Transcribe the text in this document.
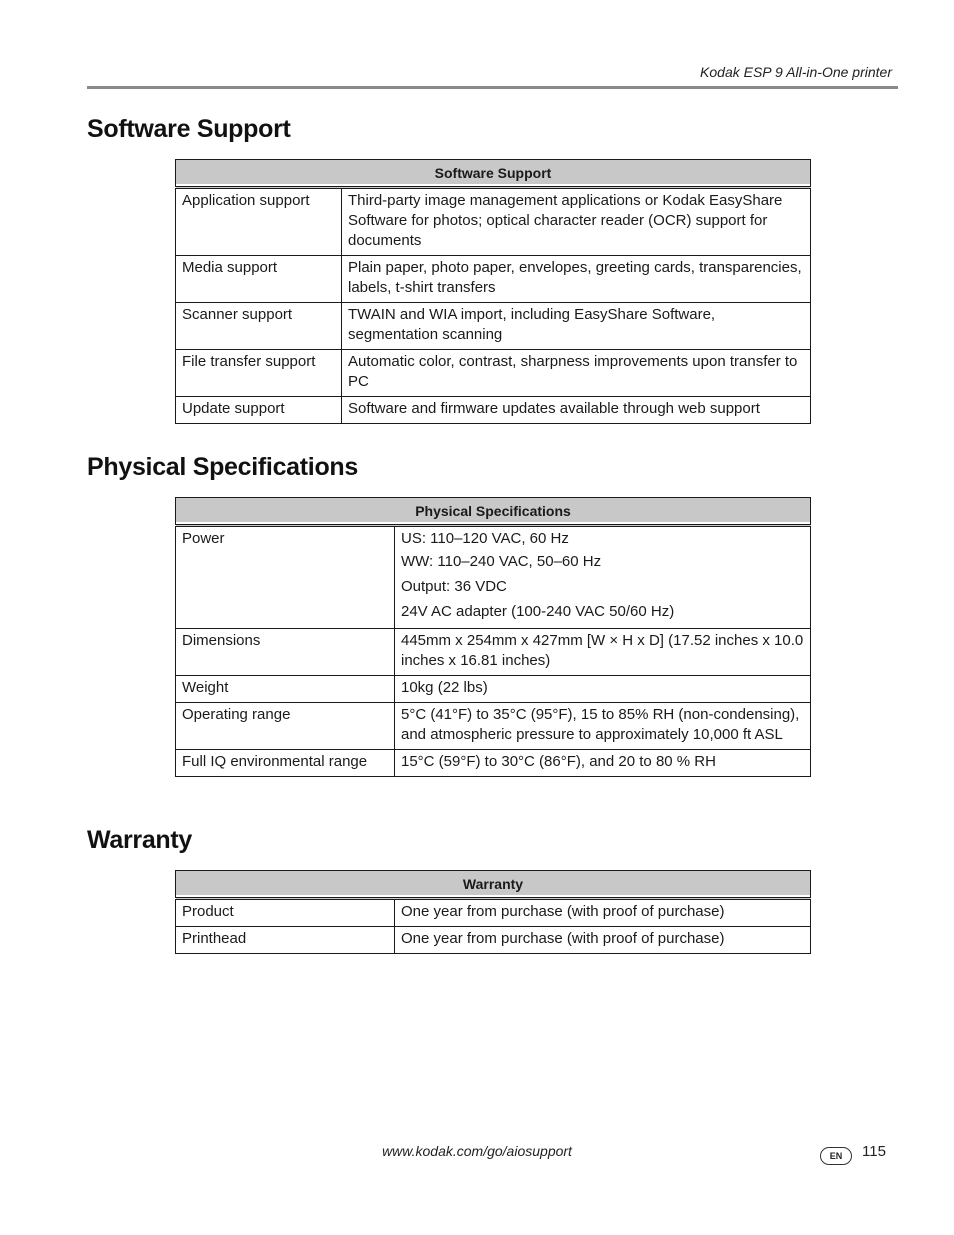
Kodak ESP 9 All-in-One printer
Software Support
Software Support	
Application support	Third-party image management applications or Kodak EasyShare Software for photos; optical character reader (OCR) support for documents
Media support	Plain paper, photo paper, envelopes, greeting cards, transparencies, labels, t-shirt transfers
Scanner support	TWAIN and WIA import, including EasyShare Software, segmentation scanning
File transfer support	Automatic color, contrast, sharpness improvements upon transfer to PC
Update support	Software and firmware updates available through web support
Physical Specifications
Physical Specifications	
Power	US: 110–120 VAC, 60 Hz
WW: 110–240 VAC, 50–60 Hz
Output: 36 VDC
24V AC adapter (100-240 VAC 50/60 Hz)

Dimensions	445mm x 254mm x 427mm [W × H x D] (17.52 inches x 10.0 inches x 16.81 inches)
Weight	10kg (22 lbs)
Operating range	5°C (41°F) to 35°C (95°F), 15 to 85% RH (non-condensing), and atmospheric pressure to approximately 10,000 ft ASL
Full IQ environmental range	15°C (59°F) to 30°C (86°F), and 20 to 80 % RH
Warranty
Warranty	
Product	One year from purchase (with proof of purchase)
Printhead	One year from purchase (with proof of purchase)
www.kodak.com/go/aiosupport	EN	115
